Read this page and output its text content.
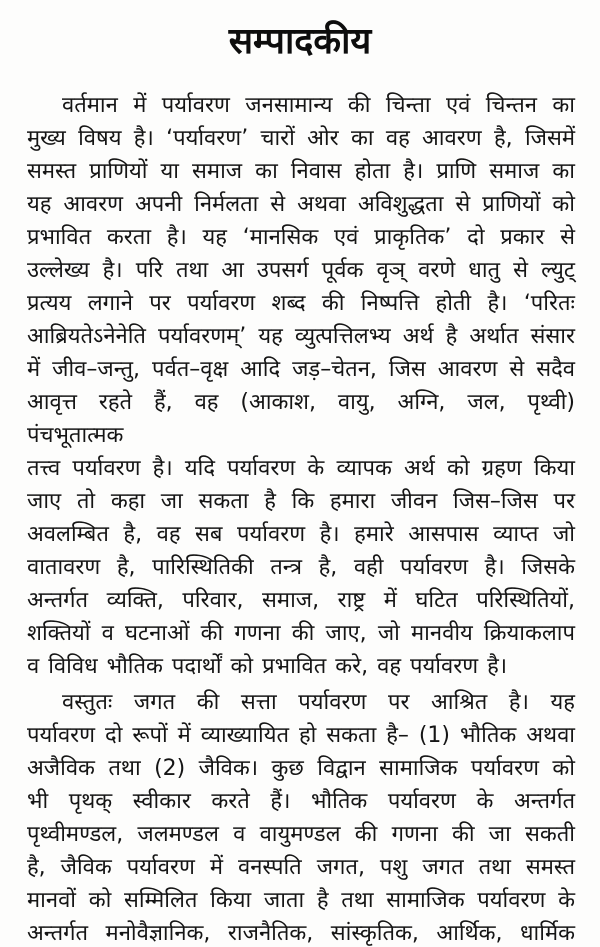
सम्पादकीय
वर्तमान में पर्यावरण जनसामान्य की चिन्ता एवं चिन्तन का
मुख्य विषय है। ‘पर्यावरण’ चारों ओर का वह आवरण है, जिसमें
समस्त प्राणियों या समाज का निवास होता है। प्राणि समाज का
यह आवरण अपनी निर्मलता से अथवा अविशुद्धता से प्राणियों को
प्रभावित करता है। यह ‘मानसिक एवं प्राकृतिक’ दो प्रकार से
उल्लेख्य है। परि तथा आ उपसर्ग पूर्वक वृञ् वरणे धातु से ल्युट्
प्रत्यय लगाने पर पर्यावरण शब्द की निष्पत्ति होती है। ‘परितः
आब्रियतेऽनेनेति पर्यावरणम्’ यह व्युत्पत्तिलभ्य अर्थ है अर्थात संसार
में जीव–जन्तु, पर्वत–वृक्ष आदि जड़–चेतन, जिस आवरण से सदैव
आवृत्त रहते हैं, वह (आकाश, वायु, अग्नि, जल, पृथ्वी) पंचभूतात्मक
तत्त्व पर्यावरण है। यदि पर्यावरण के व्यापक अर्थ को ग्रहण किया
जाए तो कहा जा सकता है कि हमारा जीवन जिस–जिस पर
अवलम्बित है, वह सब पर्यावरण है। हमारे आसपास व्याप्त जो
वातावरण है, पारिस्थितिकी तन्त्र है, वही पर्यावरण है। जिसके
अन्तर्गत व्यक्ति, परिवार, समाज, राष्ट्र में घटित परिस्थितियों,
शक्तियों व घटनाओं की गणना की जाए, जो मानवीय क्रियाकलाप
व विविध भौतिक पदार्थों को प्रभावित करे, वह पर्यावरण है।
वस्तुतः जगत की सत्ता पर्यावरण पर आश्रित है। यह
पर्यावरण दो रूपों में व्याख्यायित हो सकता है– (1) भौतिक अथवा
अजैविक तथा (2) जैविक। कुछ विद्वान सामाजिक पर्यावरण को
भी पृथक् स्वीकार करते हैं। भौतिक पर्यावरण के अन्तर्गत
पृथ्वीमण्डल, जलमण्डल व वायुमण्डल की गणना की जा सकती
है, जैविक पर्यावरण में वनस्पति जगत, पशु जगत तथा समस्त
मानवों को सम्मिलित किया जाता है तथा सामाजिक पर्यावरण के
अन्तर्गत मनोवैज्ञानिक, राजनैतिक, सांस्कृतिक, आर्थिक, धार्मिक
